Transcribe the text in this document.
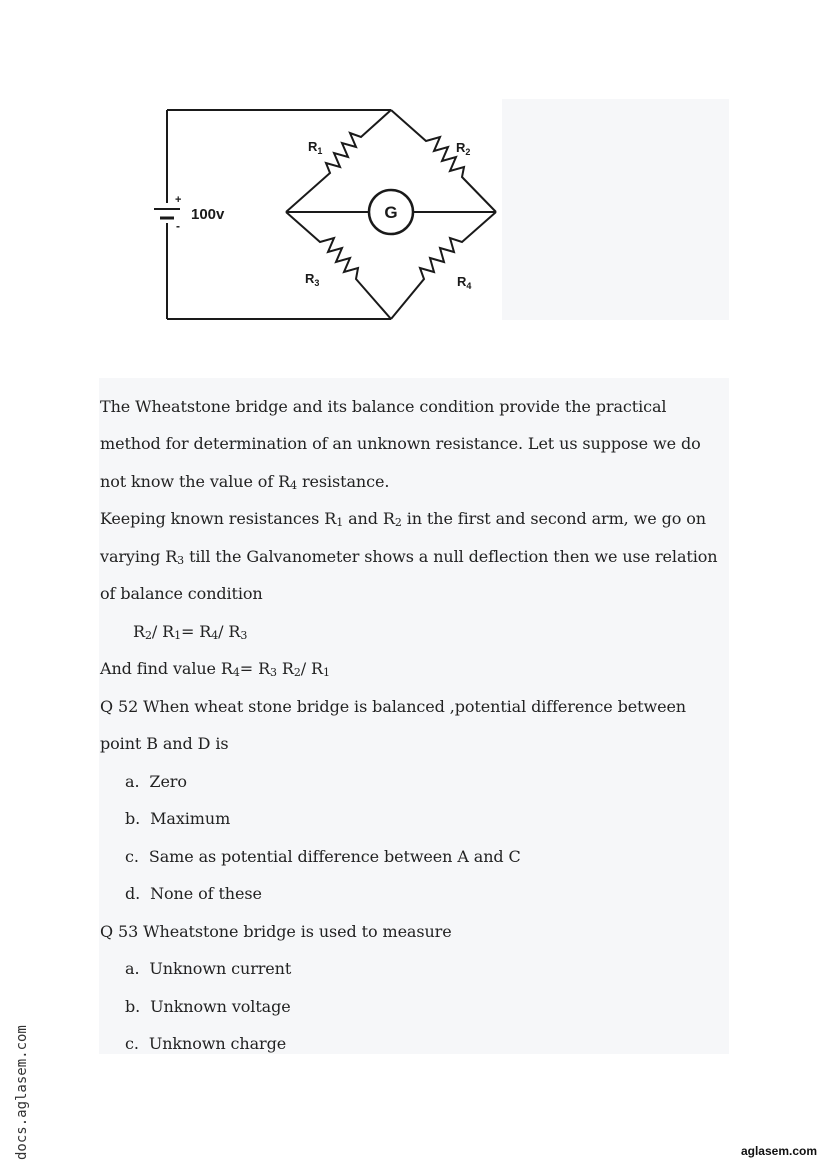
+
-
100v	G
$R_1$	$R_2$
$R_3$	$R_4$
The Wheatstone bridge and its balance condition provide the practical
method for determination of an unknown resistance. Let us suppose we do
not know the value of R4 resistance.
Keeping known resistances R1 and R2 in the first and second arm, we go on
varying R3 till the Galvanometer shows a null deflection then we use relation
of balance condition
R2/ R1= R4/ R3
And find value R4= R3 R2/ R1
Q 52 When wheat stone bridge is balanced ,potential difference between
point B and D is
a. Zero
b. Maximum
c. Same as potential difference between A and C
d. None of these
Q 53 Wheatstone bridge is used to measure
a. Unknown current
b. Unknown voltage
c. Unknown charge
docs.aglasem.com	aglasem.com
